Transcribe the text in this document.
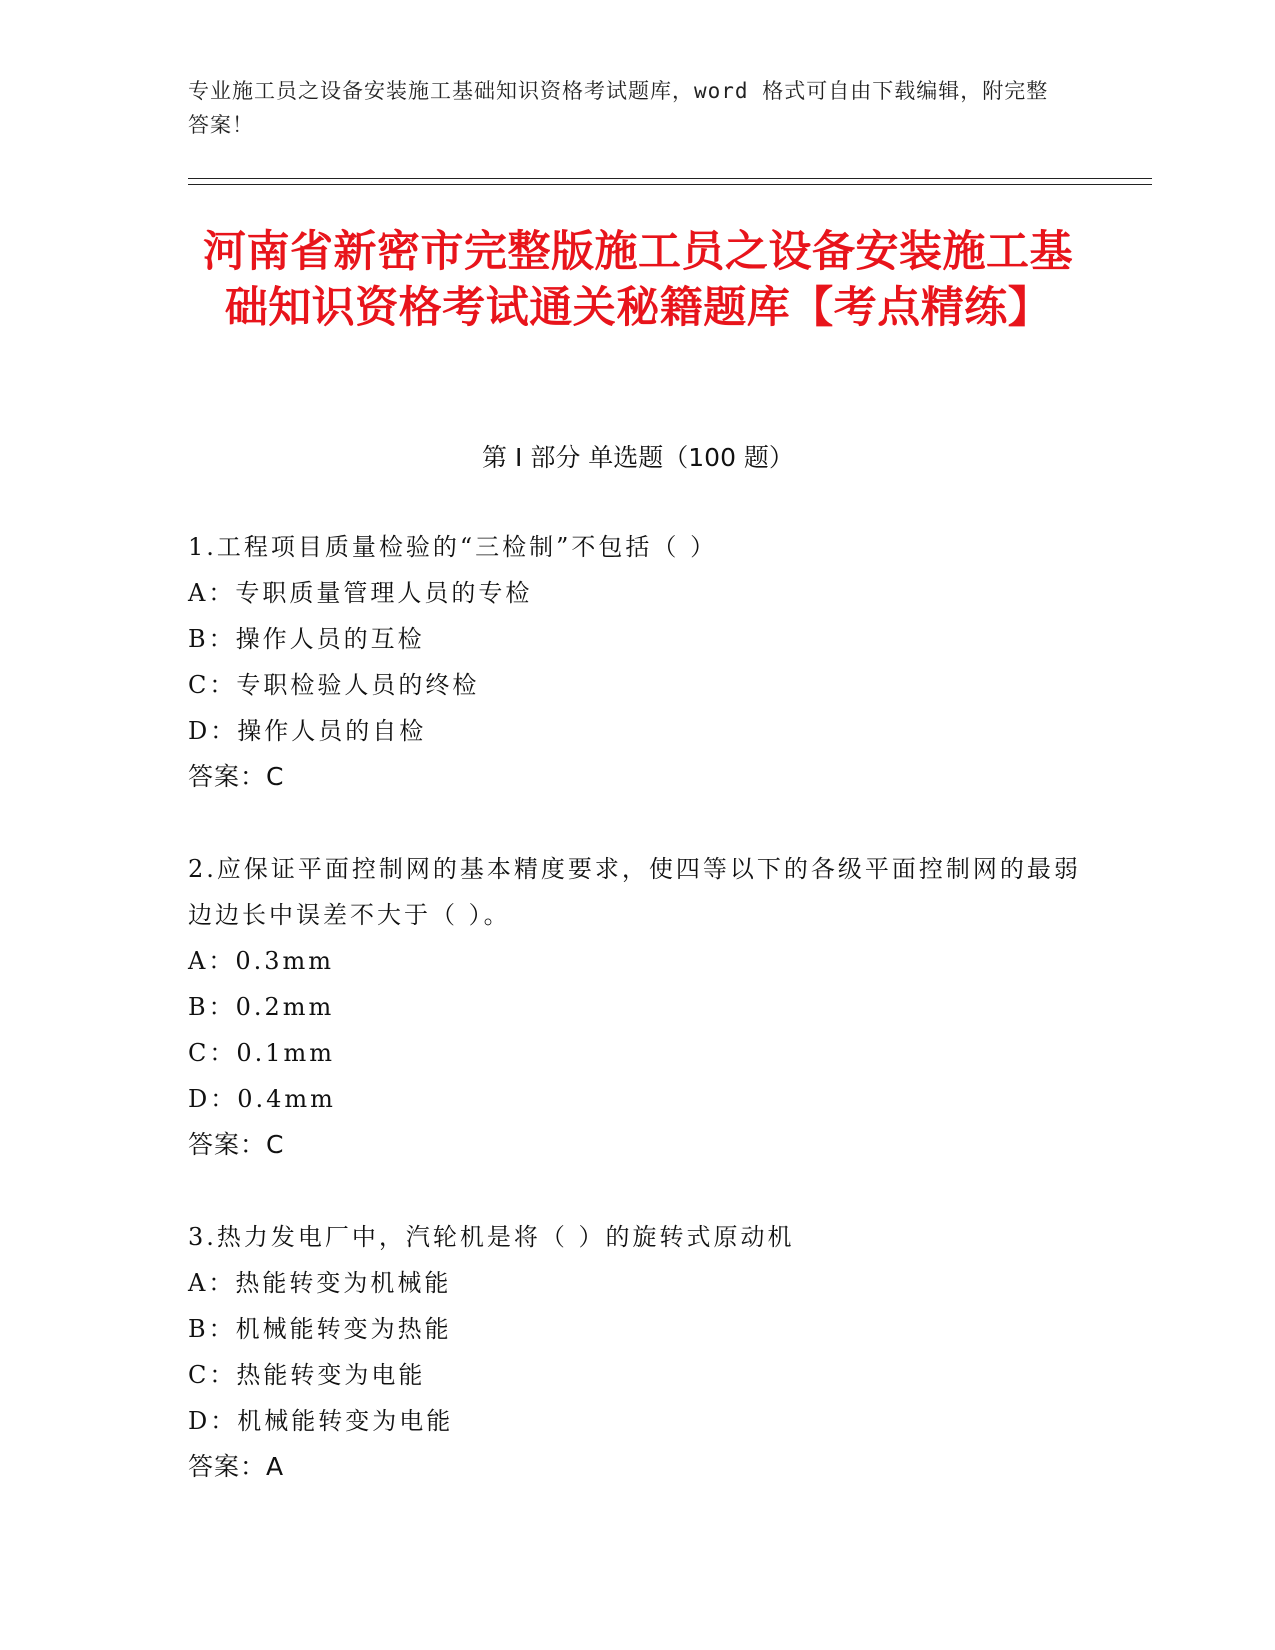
专业施工员之设备安装施工基础知识资格考试题库，word 格式可自由下载编辑，附完整答案！
河南省新密市完整版施工员之设备安装施工基础知识资格考试通关秘籍题库【考点精练】
第 I 部分 单选题（100 题）
1.工程项目质量检验的“三检制”不包括（ ）
A：专职质量管理人员的专检
B：操作人员的互检
C：专职检验人员的终检
D：操作人员的自检
答案：C
2.应保证平面控制网的基本精度要求，使四等以下的各级平面控制网的最弱边边长中误差不大于（ ）。
A：0.3mm
B：0.2mm
C：0.1mm
D：0.4mm
答案：C
3.热力发电厂中，汽轮机是将（ ）的旋转式原动机
A：热能转变为机械能
B：机械能转变为热能
C：热能转变为电能
D：机械能转变为电能
答案：A
